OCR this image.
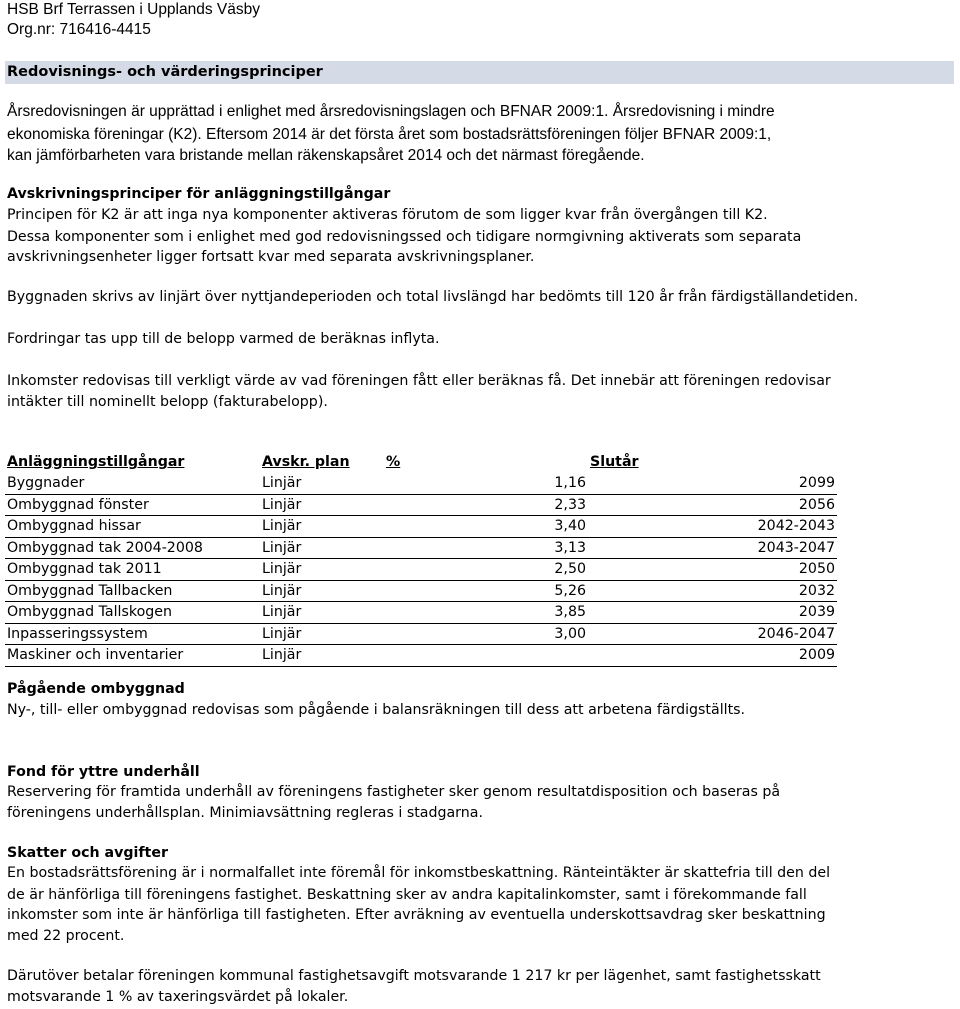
HSB Brf Terrassen i Upplands Väsby
Org.nr: 716416-4415
Redovisnings- och värderingsprinciper
Årsredovisningen är upprättad i enlighet med årsredovisningslagen och BFNAR 2009:1. Årsredovisning i mindre
ekonomiska föreningar (K2). Eftersom 2014 är det första året som bostadsrättsföreningen följer BFNAR 2009:1,
kan jämförbarheten vara bristande mellan räkenskapsåret 2014 och det närmast föregående.
Avskrivningsprinciper för anläggningstillgångar
Principen för K2 är att inga nya komponenter aktiveras förutom de som ligger kvar från övergången till K2.
Dessa komponenter som i enlighet med god redovisningssed och tidigare normgivning aktiverats som separata
avskrivningsenheter ligger fortsatt kvar med separata avskrivningsplaner.
Byggnaden skrivs av linjärt över nyttjandeperioden och total livslängd har bedömts till 120 år från färdigställandetiden.
Fordringar tas upp till de belopp varmed de beräknas inflyta.
Inkomster redovisas till verkligt värde av vad föreningen fått eller beräknas få. Det innebär att föreningen redovisar
intäkter till nominellt belopp (fakturabelopp).
Anläggningstillgångar	Avskr. plan	%	Slutår
Byggnader	Linjär	1,16	2099
Ombyggnad fönster	Linjär	2,33	2056
Ombyggnad hissar	Linjär	3,40	2042-2043
Ombyggnad tak 2004-2008	Linjär	3,13	2043-2047
Ombyggnad tak 2011	Linjär	2,50	2050
Ombyggnad Tallbacken	Linjär	5,26	2032
Ombyggnad Tallskogen	Linjär	3,85	2039
Inpasseringssystem	Linjär	3,00	2046-2047
Maskiner och inventarier	Linjär		2009
Pågående ombyggnad
Ny-, till- eller ombyggnad redovisas som pågående i balansräkningen till dess att arbetena färdigställts.
Fond för yttre underhåll
Reservering för framtida underhåll av föreningens fastigheter sker genom resultatdisposition och baseras på
föreningens underhållsplan. Minimiavsättning regleras i stadgarna.
Skatter och avgifter
En bostadsrättsförening är i normalfallet inte föremål för inkomstbeskattning. Ränteintäkter är skattefria till den del
de är hänförliga till föreningens fastighet. Beskattning sker av andra kapitalinkomster, samt i förekommande fall
inkomster som inte är hänförliga till fastigheten. Efter avräkning av eventuella underskottsavdrag sker beskattning
med 22 procent.
Därutöver betalar föreningen kommunal fastighetsavgift motsvarande 1 217 kr per lägenhet, samt fastighetsskatt
motsvarande 1 % av taxeringsvärdet på lokaler.
